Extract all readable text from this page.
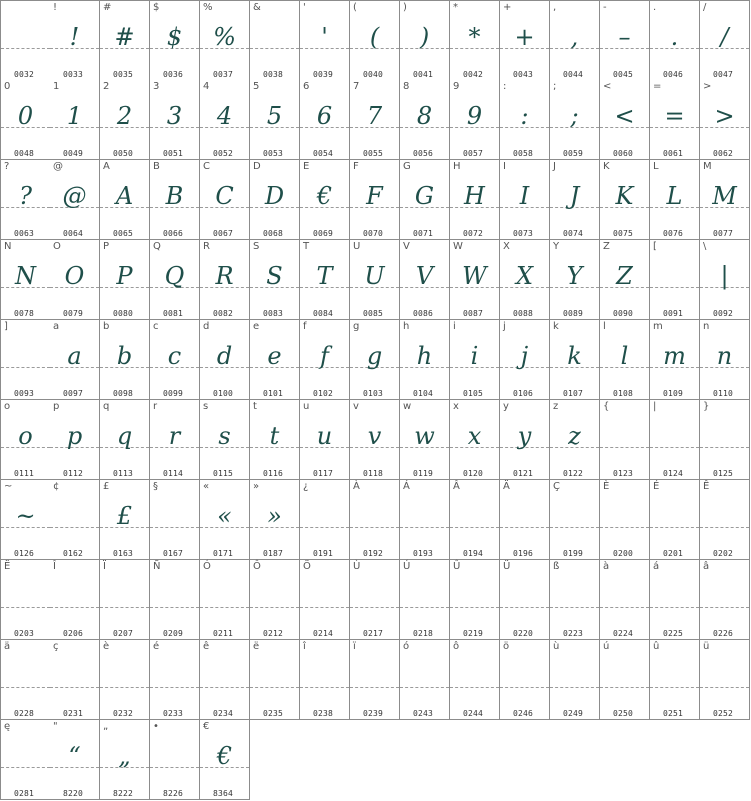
0032
!
!
0033
#
#
0035
$
$
0036
%
%
0037
&
0038
'
'
0039
(
(
0040
)
)
0041
*
*
0042
+
+
0043
,
,
0044
-
–
0045
.
.
0046
/
/
0047
0
0
0048
1
1
0049
2
2
0050
3
3
0051
4
4
0052
5
5
0053
6
6
0054
7
7
0055
8
8
0056
9
9
0057
:
:
0058
;
;
0059
<
<
0060
=
=
0061
>
>
0062
?
?
0063
@
@
0064
A
A
0065
B
B
0066
C
C
0067
D
D
0068
E
€
0069
F
F
0070
G
G
0071
H
H
0072
I
I
0073
J
J
0074
K
K
0075
L
L
0076
M
M
0077
N
N
0078
O
O
0079
P
P
0080
Q
Q
0081
R
R
0082
S
S
0083
T
T
0084
U
U
0085
V
V
0086
W
W
0087
X
X
0088
Y
Y
0089
Z
Z
0090
[
0091
\
|
0092
]
0093
a
a
0097
b
b
0098
c
c
0099
d
d
0100
e
e
0101
f
f
0102
g
g
0103
h
h
0104
i
i
0105
j
j
0106
k
k
0107
l
l
0108
m
m
0109
n
n
0110
o
o
0111
p
p
0112
q
q
0113
r
r
0114
s
s
0115
t
t
0116
u
u
0117
v
v
0118
w
w
0119
x
x
0120
y
y
0121
z
z
0122
{
0123
|
0124
}
0125
~
~
0126
¢
0162
£
£
0163
§
0167
«
«
0171
»
»
0187
¿
0191
À
0192
Á
0193
Â
0194
Ä
0196
Ç
0199
È
0200
É
0201
Ê
0202
Ë
0203
Î
0206
Ï
0207
Ñ
0209
Ó
0211
Ô
0212
Ö
0214
Ù
0217
Ú
0218
Û
0219
Ü
0220
ß
0223
à
0224
á
0225
â
0226
ä
0228
ç
0231
è
0232
é
0233
ê
0234
ë
0235
î
0238
ï
0239
ó
0243
ô
0244
ö
0246
ù
0249
ú
0250
û
0251
ü
0252
ę
0281
"
“
8220
„
„
8222
•
8226
€
€
8364
